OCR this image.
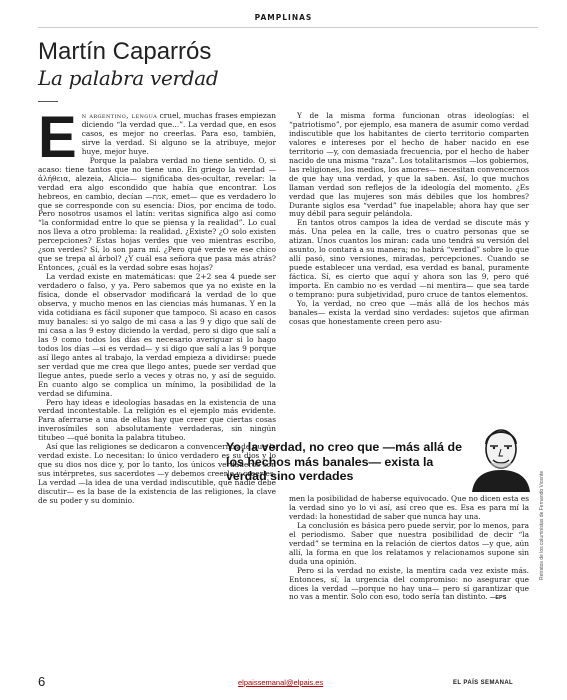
PAMPLINAS
Martín Caparrós
La palabra verdad

En argentino, lengua cruel, muchas frases empiezan diciendo “la verdad que...”. La verdad que, en esos casos, es mejor no creerlas. Para eso, también, sirve la verdad. Si alguno se la atribuye, mejor huye, mejor huye.

Porque la palabra verdad no tiene sentido. O, si acaso: tiene tantos que no tiene uno. En griego la verdad —ἀλήθεια, alezeia, Alicia— significaba des-ocultar, revelar: la verdad era algo escondido que había que encontrar. Los hebreos, en cambio, decían —אמת, emet— que es verdadero lo que se corresponde con su esencia: Dios, por encima de todo. Pero nosotros usamos el latín: veritas significa algo así como “la conformidad entre lo que se piensa y la realidad”. Lo cual nos lleva a otro problema: la realidad. ¿Existe? ¿O solo existen percepciones? Estas hojas verdes que veo mientras escribo, ¿son verdes? Sí, lo son para mí. ¿Pero qué verde ve ese chico que se trepa al árbol? ¿Y cuál esa señora que pasa más atrás? Entonces, ¿cuál es la verdad sobre esas hojas?

La verdad existe en matemáticas: que 2+2 sea 4 puede ser verdadero o falso, y ya. Pero sabemos que ya no existe en la física, donde el observador modificará la verdad de lo que observa, y mucho menos en las ciencias más humanas. Y en la vida cotidiana es fácil suponer que tampoco. Si acaso en casos muy banales: si yo salgo de mi casa a las 9 y digo que salí de mi casa a las 9 estoy diciendo la verdad, pero si digo que salí a las 9 como todos los días es necesario averiguar si lo hago todos los días —si es verdad— y si digo que salí a las 9 porque así llego antes al trabajo, la verdad empieza a dividirse: puede ser verdad que me crea que llego antes, puede ser verdad que llegue antes, puede serlo a veces y otras no, y así de seguido. En cuanto algo se complica un mínimo, la posibilidad de la verdad se difumina.

Pero hay ideas e ideologías basadas en la existencia de una verdad incontestable. La religión es el ejemplo más evidente. Para aferrarse a una de ellas hay que creer que ciertas cosas inverosímiles son absolutamente verdaderas, sin ningún titubeo —qué bonita la palabra titubeo.

Así que las religiones se dedicaron a convencernos de que la verdad existe. Lo necesitan: lo único verdadero es su dios y lo que su dios nos dice y, por lo tanto, los únicos verdaderos son sus intérpretes, sus sacerdotes —y debemos creerlo y creerles. La verdad —la idea de una verdad indiscutible, que nadie debe discutir— es la base de la existencia de las religiones, la clave de su poder y su dominio.

Y de la misma forma funcionan otras ideologías: el “patriotismo”, por ejemplo, esa manera de asumir como verdad indiscutible que los habitantes de cierto territorio comparten valores e intereses por el hecho de haber nacido en ese territorio —y, con demasiada frecuencia, por el hecho de haber nacido de una misma “raza”. Los totalitarismos —los gobiernos, las religiones, los medios, los amores— necesitan convencernos de que hay una verdad, y que la saben. Así, lo que muchos llaman verdad son reflejos de la ideología del momento. ¿Es verdad que las mujeres son más débiles que los hombres? Durante siglos esa “verdad” fue inapelable; ahora hay que ser muy débil para seguir pelándola.

En tantos otros campos la idea de verdad se discute más y más. Una pelea en la calle, tres o cuatro personas que se atizan. Unos cuantos los miran: cada uno tendrá su versión del asunto, lo contará a su manera; no habrá “verdad” sobre lo que allí pasó, sino versiones, miradas, percepciones. Cuando se puede establecer una verdad, esa verdad es banal, puramente fáctica. Sí, es cierto que aquí y ahora son las 9, pero qué importa. En cambio no es verdad —ni mentira— que sea tarde o temprano: pura subjetividad, puro cruce de tantos elementos.

Yo, la verdad, no creo que —más allá de los hechos más banales— exista la verdad sino verdades: sujetos que afirman cosas que honestamente creen pero asu-

Yo, la verdad, no creo que —más allá de los hechos más banales— exista la verdad sino verdades

men la posibilidad de haberse equivocado. Que no dicen esta es la verdad sino yo lo vi así, así creo que es. Esa es para mí la verdad: la honestidad de saber que nunca hay una.

La conclusión es básica pero puede servir, por lo menos, para el periodismo. Saber que nuestra posibilidad de decir “la verdad” se termina en la relación de ciertos datos —y que, aún allí, la forma en que los relatamos y relacionamos supone sin duda una opinión.

Pero si la verdad no existe, la mentira cada vez existe más. Entonces, sí, la urgencia del compromiso: no asegurar que dices la verdad —porque no hay una— pero sí garantizar que no vas a mentir. Solo con eso, todo sería tan distinto. —EPS

Retratos de los columnistas de Fernando Vicente
6	elpaissemanal@elpais.es	EL PAÍS SEMANAL
